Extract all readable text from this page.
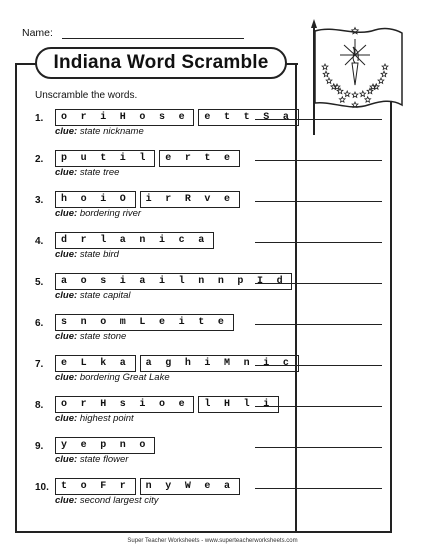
Name:
Indiana Word Scramble
Unscramble the words.
1.	o r i H o s e	e t t S a
clue: state nickname
2.	p u t i l	e r t e
clue: state tree
3.	h o i O	i r R v e
clue: bordering river
4.	d r l a n i c a
clue: state bird
5.	a o s i a i l n n p I d
clue: state capital
6.	s n o m L e i t e
clue: state stone
7.	e L k a	a g h i M n i c
clue: bordering Great Lake
8.	o r H s i o e	l H l i
clue: highest point
9.	y e p n o
clue: state flower
10.	t o F r	n y W e a
clue: second largest city
Super Teacher Worksheets - www.superteacherworksheets.com
